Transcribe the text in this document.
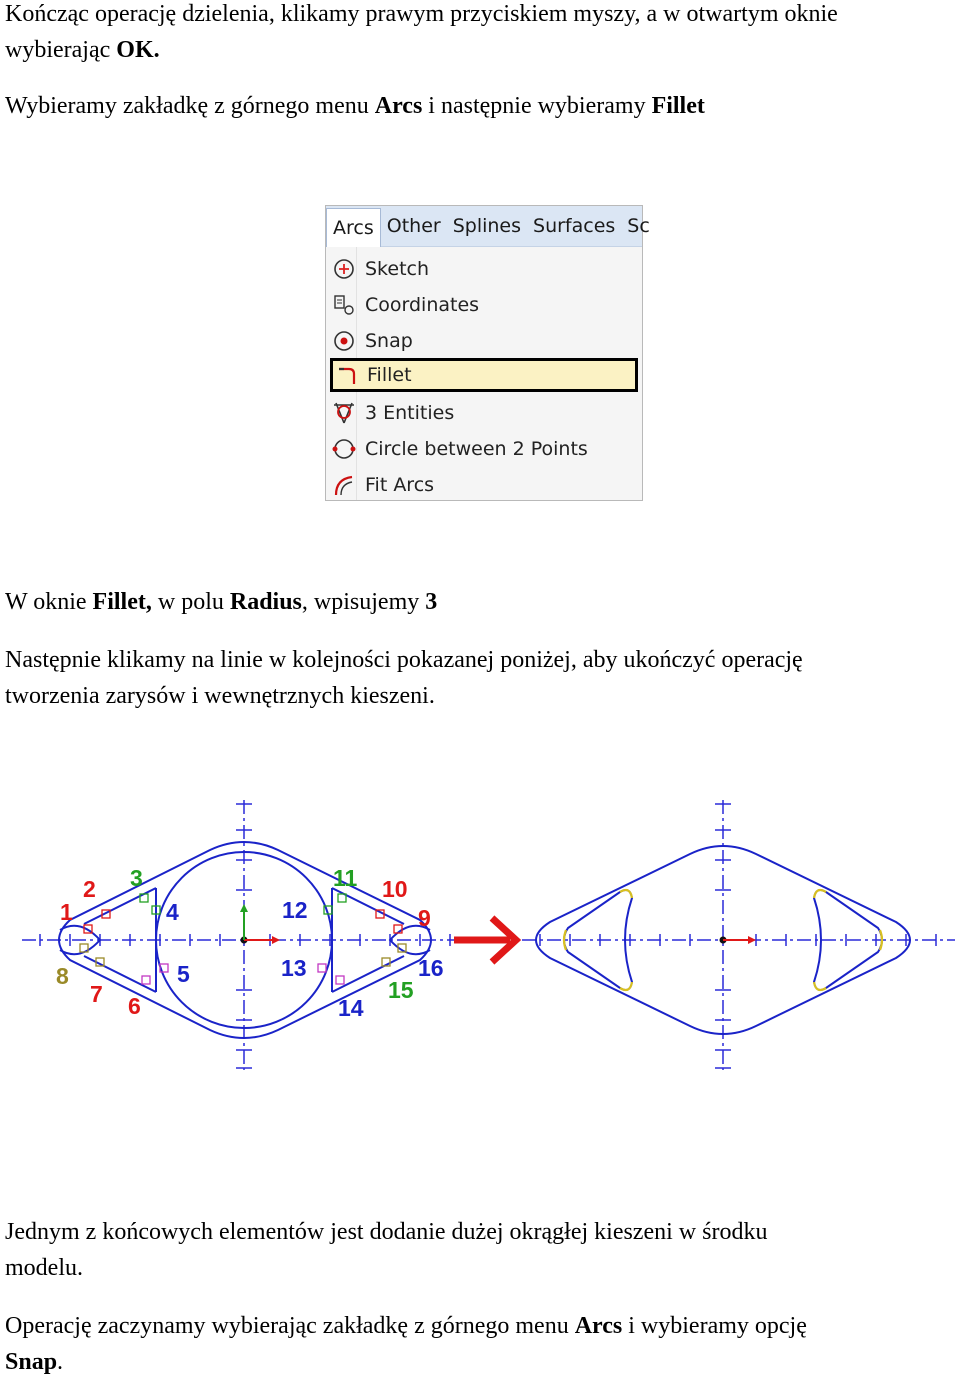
Kończąc operację dzielenia, klikamy prawym przyciskiem myszy, a w otwartym oknie
wybierając OK.

Wybieramy zakładkę z górnego menu Arcs i następnie wybieramy Fillet

Arcs Other Splines Surfaces Sc
Sketch
Coordinates
Snap
Fillet
3 Entities
Circle between 2 Points
Fit Arcs

W oknie Fillet, w polu Radius, wpisujemy 3

Następnie klikamy na linie w kolejności pokazanej poniżej, aby ukończyć operację
tworzenia zarysów i wewnętrznych kieszeni.

1
2 3
4
5
6
7
8
9
10
11
12
13
14
15
16

Jednym z końcowych elementów jest dodanie dużej okrągłej kieszeni w środku
modelu.

Operację zaczynamy wybierając zakładkę z górnego menu Arcs i wybieramy opcję
Snap.
